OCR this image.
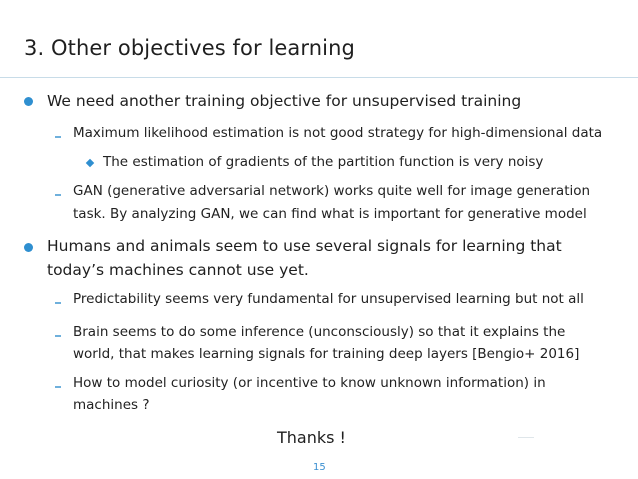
3. Other objectives for learning
We need another training objective for unsupervised training
Maximum likelihood estimation is not good strategy for high-dimensional data
The estimation of gradients of the partition function is very noisy
GAN (generative adversarial network) works quite well for image generation
task. By analyzing GAN, we can find what is important for generative model
Humans and animals seem to use several signals for learning that
today’s machines cannot use yet.
Predictability seems very fundamental for unsupervised learning but not all
Brain seems to do some inference (unconsciously) so that it explains the
world, that makes learning signals for training deep layers [Bengio+ 2016]
How to model curiosity (or incentive to know unknown information) in
machines ?
Thanks !
15
